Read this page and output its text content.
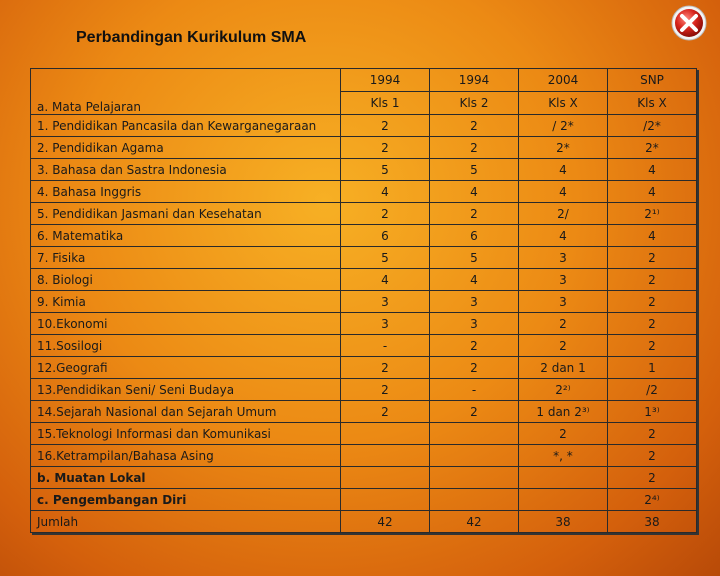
Perbandingan Kurikulum SMA
a. Mata Pelajaran	1994	1994	2004	SNP
	Kls 1	Kls 2	Kls X	Kls X
1. Pendidikan Pancasila dan Kewarganegaraan	2	2	/ 2*	/2*
2. Pendidikan Agama	2	2	2*	2*
3. Bahasa dan Sastra Indonesia	5	5	4	4
4. Bahasa Inggris	4	4	4	4
5. Pendidikan Jasmani dan Kesehatan	2	2	2/	2¹⁾
6. Matematika	6	6	4	4
7. Fisika	5	5	3	2
8. Biologi	4	4	3	2
9. Kimia	3	3	3	2
10.Ekonomi	3	3	2	2
11.Sosilogi	-	2	2	2
12.Geografi	2	2	2 dan 1	1
13.Pendidikan Seni/ Seni Budaya	2	-	2²⁾	/2
14.Sejarah Nasional dan Sejarah Umum	2	2	1 dan 2³⁾	1³⁾
15.Teknologi Informasi dan Komunikasi			2	2
16.Ketrampilan/Bahasa Asing			*, *	2
b. Muatan Lokal				2
c. Pengembangan Diri				2⁴⁾
Jumlah	42	42	38	38
